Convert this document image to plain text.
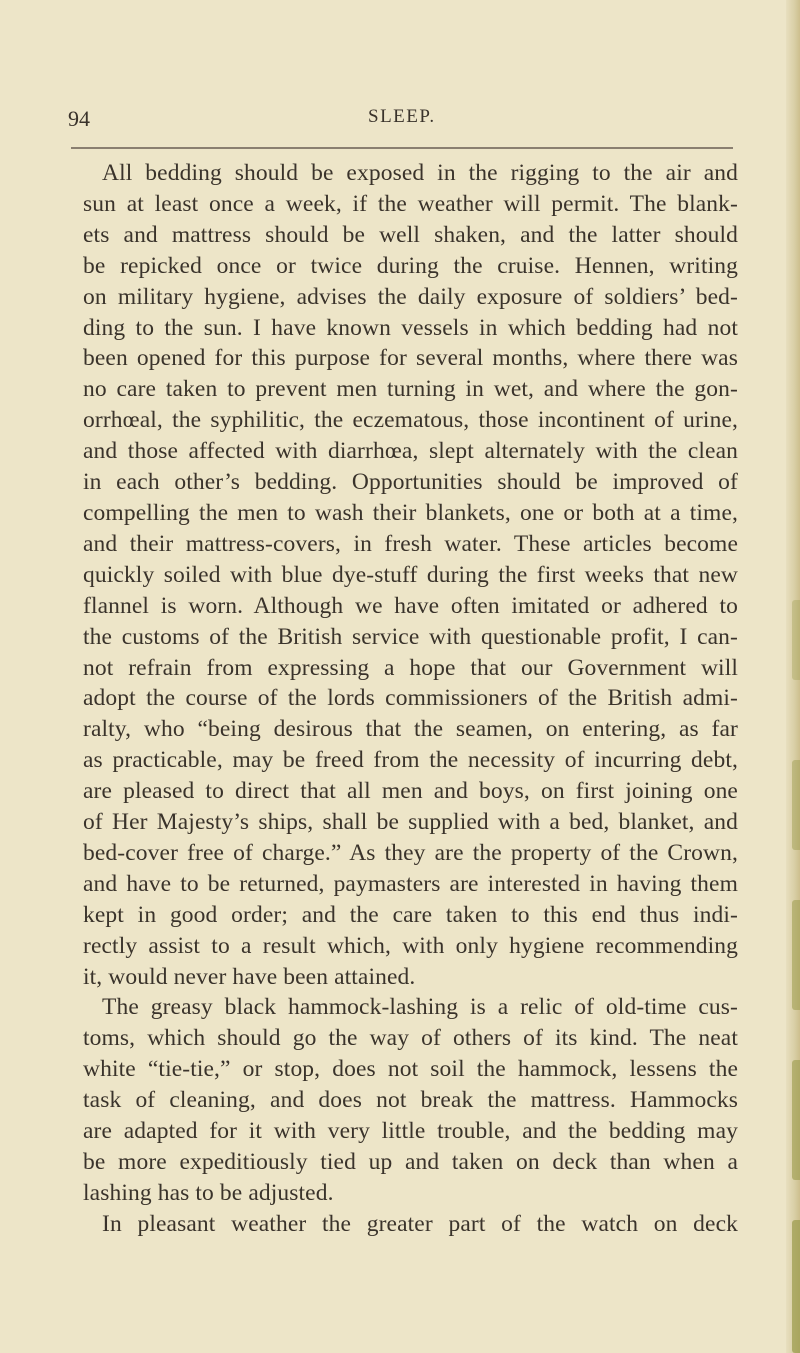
94	SLEEP.
All bedding should be exposed in the rigging to the air and
sun at least once a week, if the weather will permit. The blank-
ets and mattress should be well shaken, and the latter should
be repicked once or twice during the cruise. Hennen, writing
on military hygiene, advises the daily exposure of soldiers’ bed-
ding to the sun. I have known vessels in which bedding had not
been opened for this purpose for several months, where there was
no care taken to prevent men turning in wet, and where the gon-
orrhœal, the syphilitic, the eczematous, those incontinent of urine,
and those affected with diarrhœa, slept alternately with the clean
in each other’s bedding. Opportunities should be improved of
compelling the men to wash their blankets, one or both at a time,
and their mattress-covers, in fresh water. These articles become
quickly soiled with blue dye-stuff during the first weeks that new
flannel is worn. Although we have often imitated or adhered to
the customs of the British service with questionable profit, I can-
not refrain from expressing a hope that our Government will
adopt the course of the lords commissioners of the British admi-
ralty, who “being desirous that the seamen, on entering, as far
as practicable, may be freed from the necessity of incurring debt,
are pleased to direct that all men and boys, on first joining one
of Her Majesty’s ships, shall be supplied with a bed, blanket, and
bed-cover free of charge.” As they are the property of the Crown,
and have to be returned, paymasters are interested in having them
kept in good order; and the care taken to this end thus indi-
rectly assist to a result which, with only hygiene recommending
it, would never have been attained.
The greasy black hammock-lashing is a relic of old-time cus-
toms, which should go the way of others of its kind. The neat
white “tie-tie,” or stop, does not soil the hammock, lessens the
task of cleaning, and does not break the mattress. Hammocks
are adapted for it with very little trouble, and the bedding may
be more expeditiously tied up and taken on deck than when a
lashing has to be adjusted.
In pleasant weather the greater part of the watch on deck
